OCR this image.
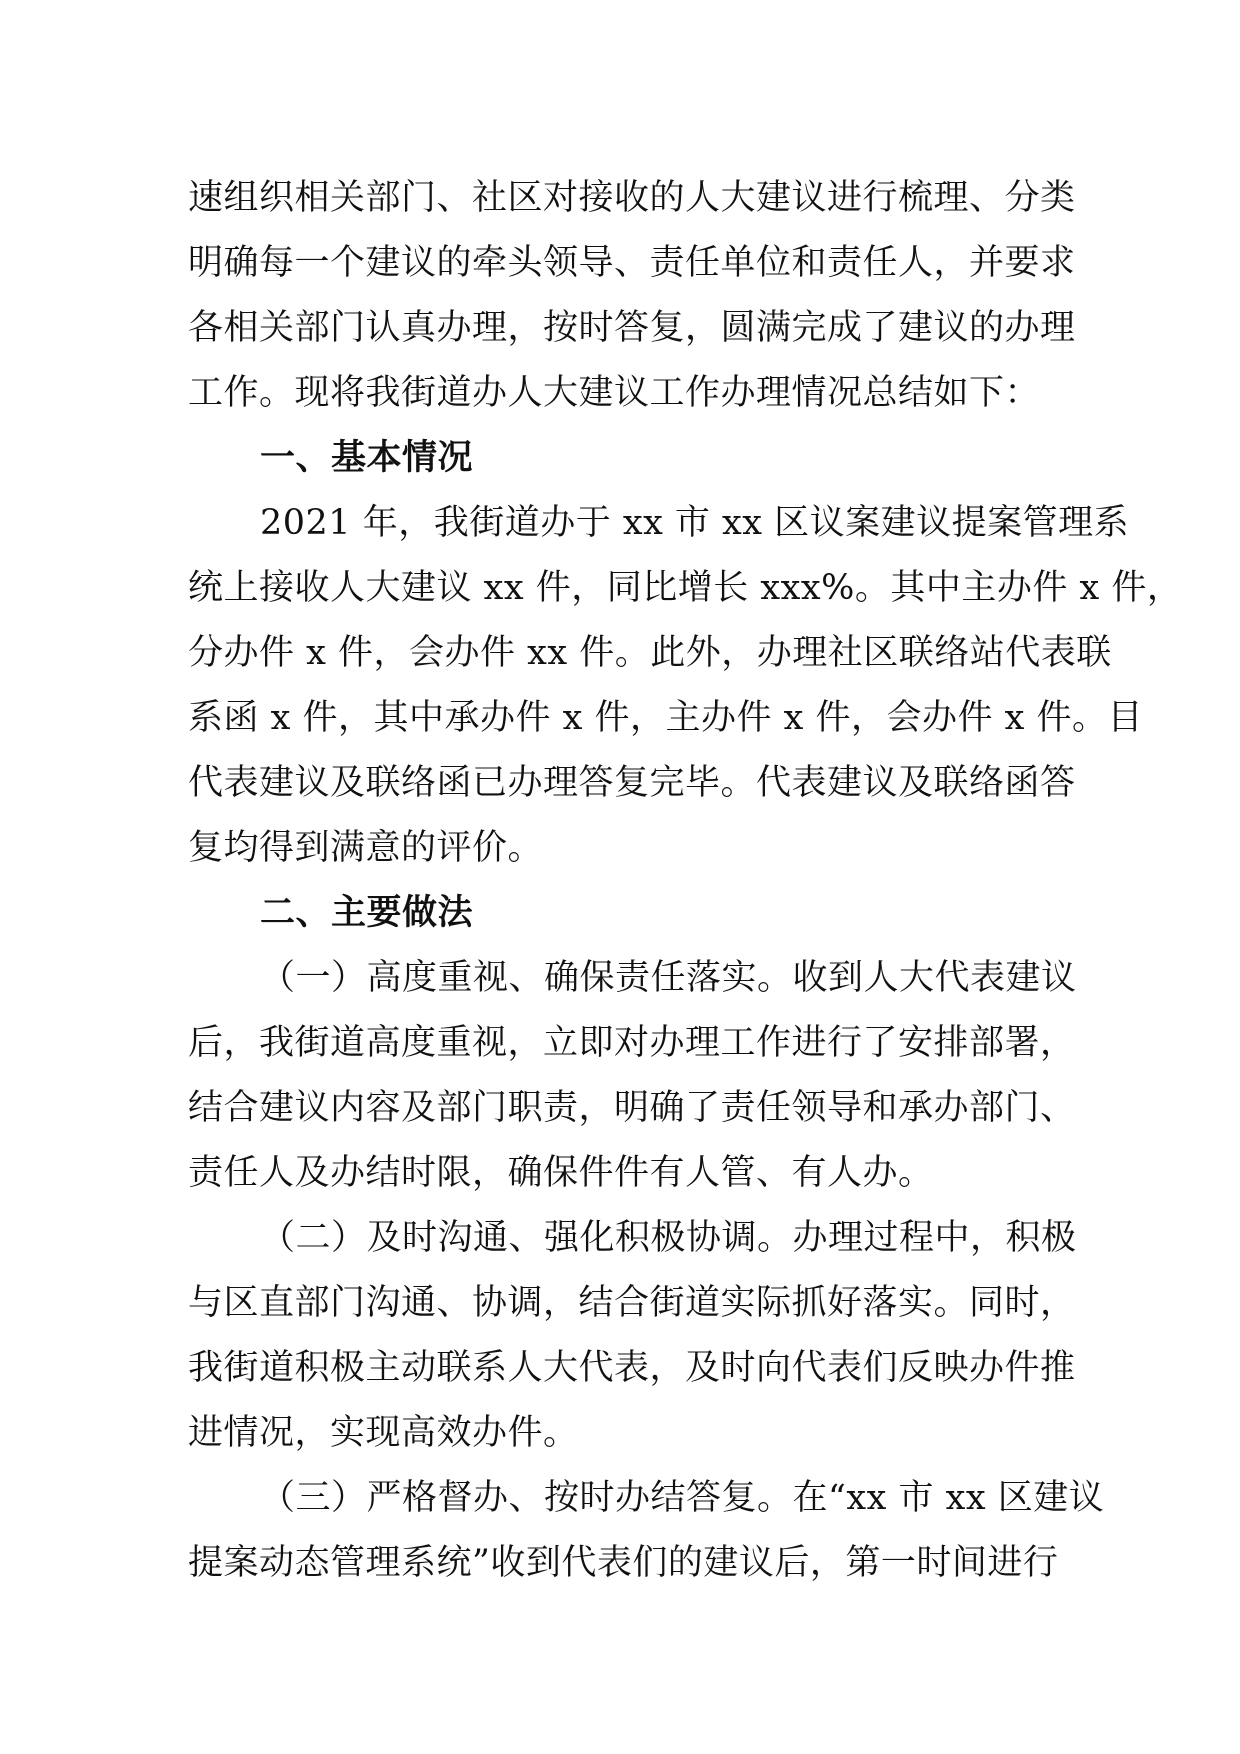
速组织相关部门、社区对接收的人大建议进行梳理、分类
明确每一个建议的牵头领导、责任单位和责任人，并要求
各相关部门认真办理，按时答复，圆满完成了建议的办理
工作。现将我街道办人大建议工作办理情况总结如下：
一、基本情况
2021 年，我街道办于 xx 市 xx 区议案建议提案管理系
统上接收人大建议 xx 件，同比增长 xxx%。其中主办件 x 件，
分办件 x 件，会办件 xx 件。此外，办理社区联络站代表联
系函 x 件，其中承办件 x 件，主办件 x 件，会办件 x 件。目
代表建议及联络函已办理答复完毕。代表建议及联络函答
复均得到满意的评价。
二、主要做法
（一）高度重视、确保责任落实。收到人大代表建议
后，我街道高度重视，立即对办理工作进行了安排部署，
结合建议内容及部门职责，明确了责任领导和承办部门、
责任人及办结时限，确保件件有人管、有人办。
（二）及时沟通、强化积极协调。办理过程中，积极
与区直部门沟通、协调，结合街道实际抓好落实。同时，
我街道积极主动联系人大代表，及时向代表们反映办件推
进情况，实现高效办件。
（三）严格督办、按时办结答复。在“xx 市 xx 区建议
提案动态管理系统”收到代表们的建议后，第一时间进行
